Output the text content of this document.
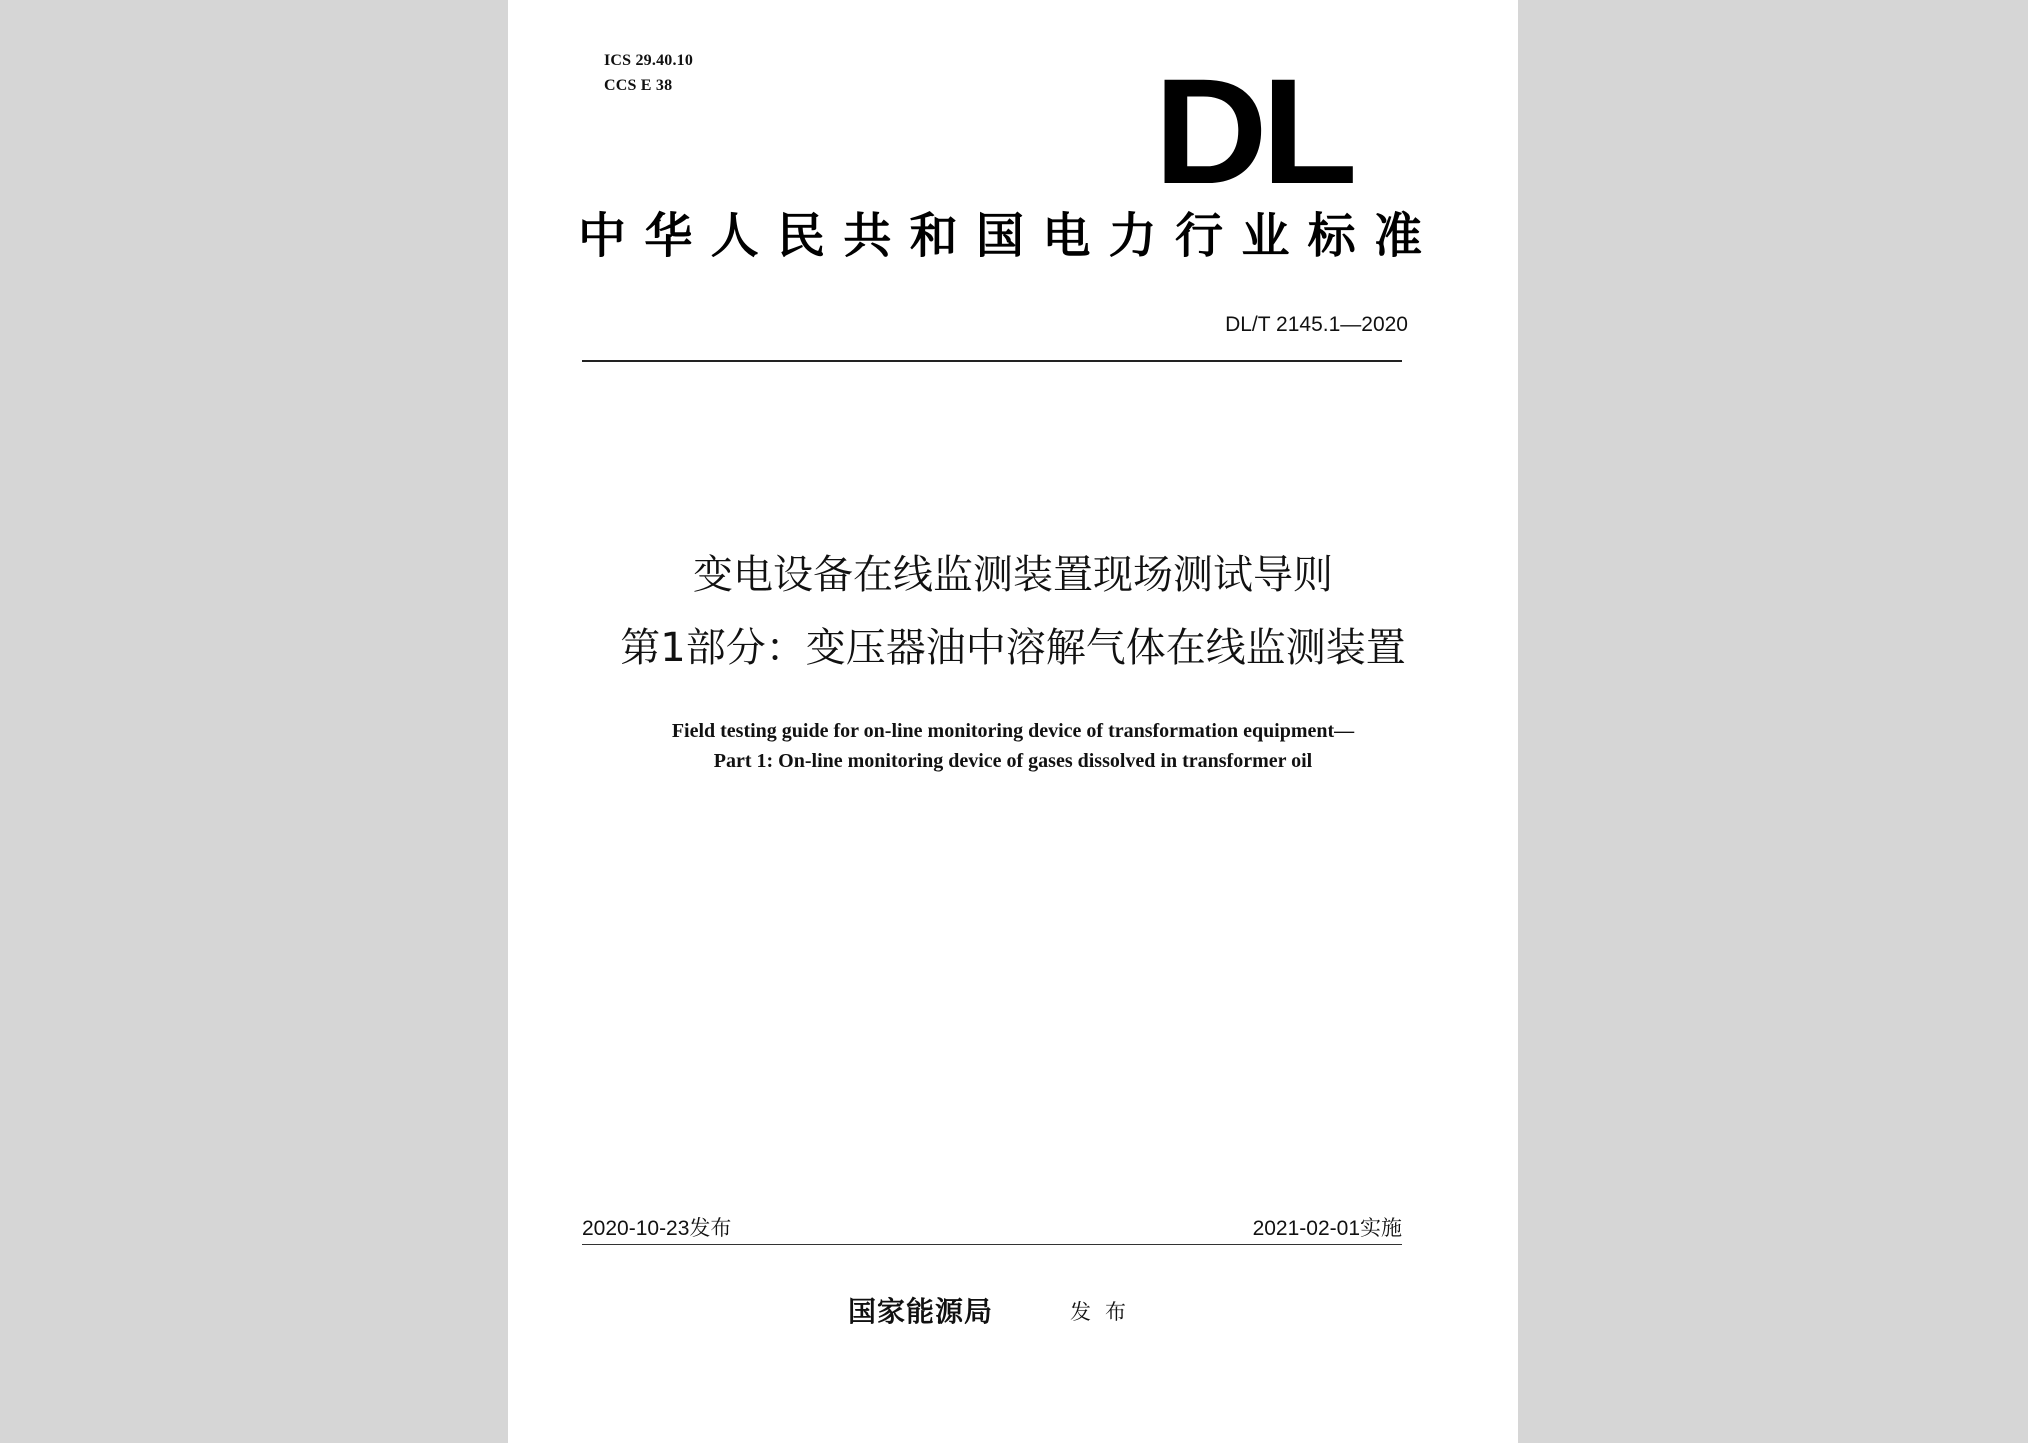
ICS 29.40.10
CCS E 38	DL
中华人民共和国电力行业标准
DL/T 2145.1—2020
变电设备在线监测装置现场测试导则
第1部分：变压器油中溶解气体在线监测装置
Field testing guide for on-line monitoring device of transformation equipment—
Part 1: On-line monitoring device of gases dissolved in transformer oil
2020-10-23发布	2021-02-01实施
国家能源局	发布
